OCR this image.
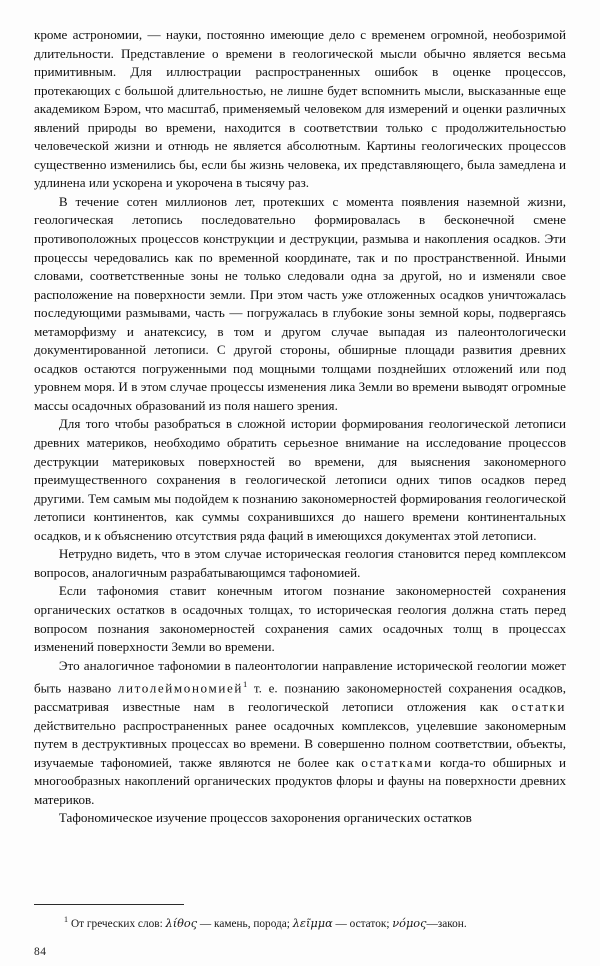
кроме астрономии, — науки, постоянно имеющие дело с временем огромной, необозримой длительности. Представление о времени в геологической мысли обычно является весьма примитивным. Для иллюстрации распространенных ошибок в оценке процессов, протекающих с большой длительностью, не лишне будет вспомнить мысли, высказанные еще академиком Бэром, что масштаб, применяемый человеком для измерений и оценки различных явлений природы во времени, находится в соответствии только с продолжительностью человеческой жизни и отнюдь не является абсолютным. Картины геологических процессов существенно изменились бы, если бы жизнь человека, их представляющего, была замедлена и удлинена или ускорена и укорочена в тысячу раз.

В течение сотен миллионов лет, протекших с момента появления наземной жизни, геологическая летопись последовательно формировалась в бесконечной смене противоположных процессов конструкции и деструкции, размыва и накопления осадков. Эти процессы чередовались как по временной координате, так и по пространственной. Иными словами, соответственные зоны не только следовали одна за другой, но и изменяли свое расположение на поверхности земли. При этом часть уже отложенных осадков уничтожалась последующими размывами, часть — погружалась в глубокие зоны земной коры, подвергаясь метаморфизму и анатексису, в том и другом случае выпадая из палеонтологически документированной летописи. С другой стороны, обширные площади развития древних осадков остаются погруженными под мощными толщами позднейших отложений или под уровнем моря. И в этом случае процессы изменения лика Земли во времени выводят огромные массы осадочных образований из поля нашего зрения.

Для того чтобы разобраться в сложной истории формирования геологической летописи древних материков, необходимо обратить серьезное внимание на исследование процессов деструкции материковых поверхностей во времени, для выяснения закономерного преимущественного сохранения в геологической летописи одних типов осадков перед другими. Тем самым мы подойдем к познанию закономерностей формирования геологической летописи континентов, как суммы сохранившихся до нашего времени континентальных осадков, и к объяснению отсутствия ряда фаций в имеющихся документах этой летописи.

Нетрудно видеть, что в этом случае историческая геология становится перед комплексом вопросов, аналогичным разрабатывающимся тафономией.

Если тафономия ставит конечным итогом познание закономерностей сохранения органических остатков в осадочных толщах, то историческая геология должна стать перед вопросом познания закономерностей сохранения самих осадочных толщ в процессах изменений поверхности Земли во времени.

Это аналогичное тафономии в палеонтологии направление исторической геологии может быть названо литолеймономией$^1$ т. е. познанию закономерностей сохранения осадков, рассматривая известные нам в геологической летописи отложения как остатки действительно распространенных ранее осадочных комплексов, уцелевшие закономерным путем в деструктивных процессах во времени. В совершенно полном соответствии, объекты, изучаемые тафономией, также являются не более как остатками когда-то обширных и многообразных накоплений органических продуктов флоры и фауны на поверхности древних материков.

Тафономическое изучение процессов захоронения органических остатков

$^1$ От греческих слов: λίθος — камень, порода; λεῖμμα — остаток; νόμος—закон.
84
